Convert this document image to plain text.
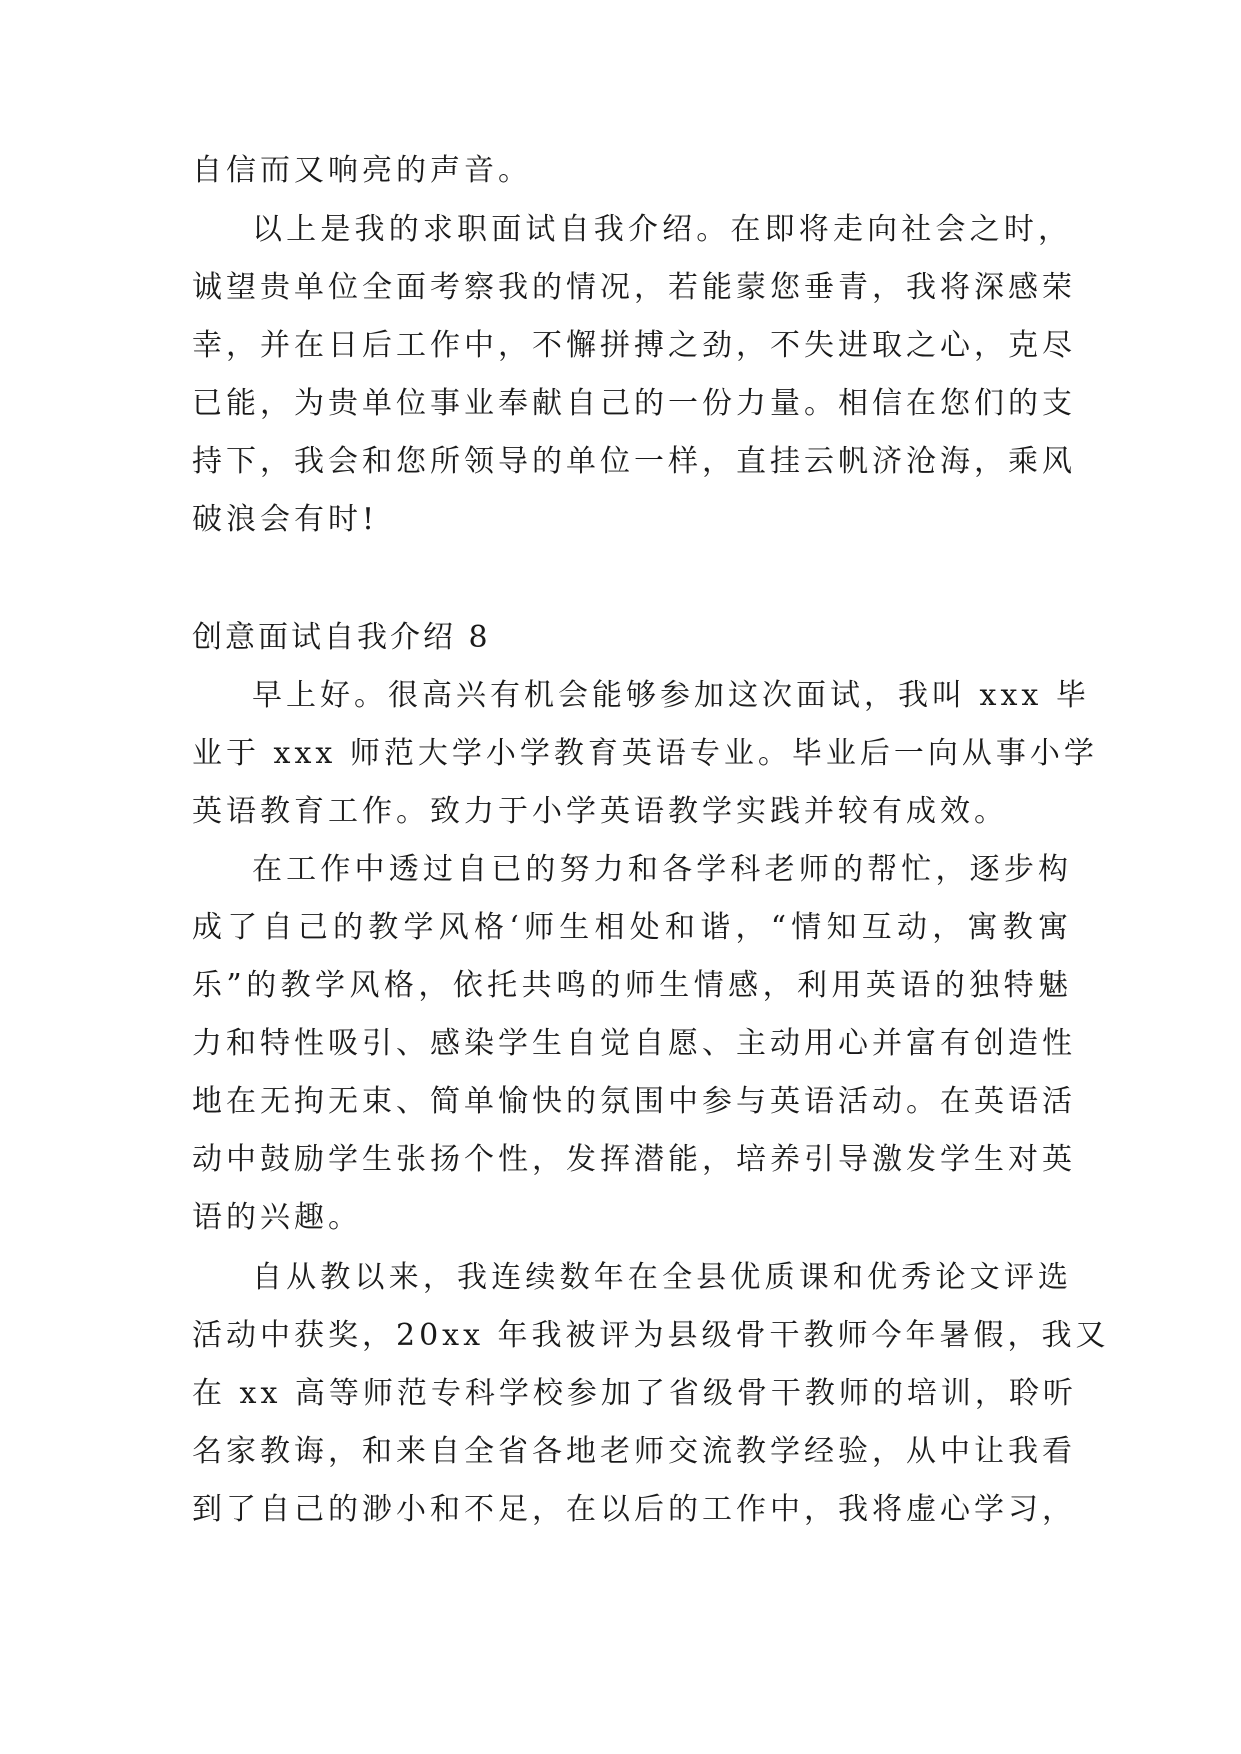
自信而又响亮的声音。
以上是我的求职面试自我介绍。在即将走向社会之时，
诚望贵单位全面考察我的情况，若能蒙您垂青，我将深感荣
幸，并在日后工作中，不懈拼搏之劲，不失进取之心，克尽
已能，为贵单位事业奉献自己的一份力量。相信在您们的支
持下，我会和您所领导的单位一样，直挂云帆济沧海，乘风
破浪会有时!
创意面试自我介绍 8
早上好。很高兴有机会能够参加这次面试，我叫 xxx 毕
业于 xxx 师范大学小学教育英语专业。毕业后一向从事小学
英语教育工作。致力于小学英语教学实践并较有成效。
在工作中透过自已的努力和各学科老师的帮忙，逐步构
成了自己的教学风格‘师生相处和谐，“情知互动，寓教寓
乐”的教学风格，依托共鸣的师生情感，利用英语的独特魅
力和特性吸引、感染学生自觉自愿、主动用心并富有创造性
地在无拘无束、简单愉快的氛围中参与英语活动。在英语活
动中鼓励学生张扬个性，发挥潜能，培养引导激发学生对英
语的兴趣。
自从教以来，我连续数年在全县优质课和优秀论文评选
活动中获奖，20xx 年我被评为县级骨干教师今年暑假，我又
在 xx 高等师范专科学校参加了省级骨干教师的培训，聆听
名家教诲，和来自全省各地老师交流教学经验，从中让我看
到了自己的渺小和不足，在以后的工作中，我将虚心学习，
